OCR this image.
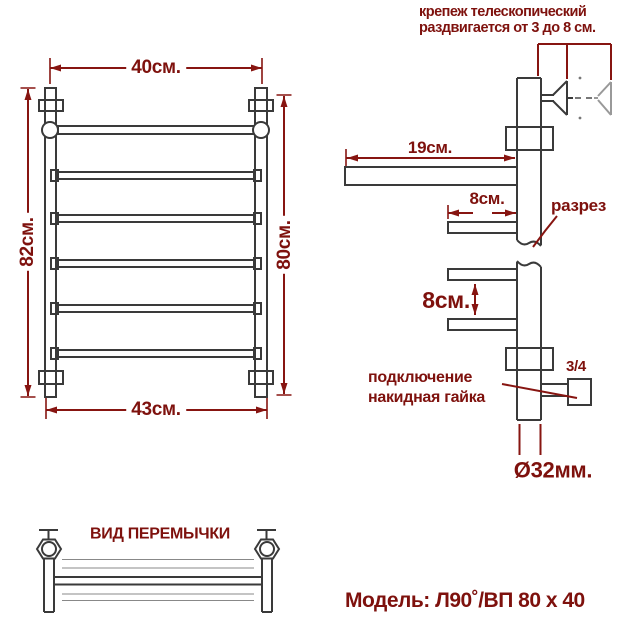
крепеж телескопический
раздвигается от 3 до 8 см.
40см.
82см.	80см.
43см.
19см.
8см.	разрез
8см.
подключение
накидная гайка
3/4
Ø32мм.
ВИД ПЕРЕМЫЧКИ
Модель: Л90˚/ВП 80 х 40
